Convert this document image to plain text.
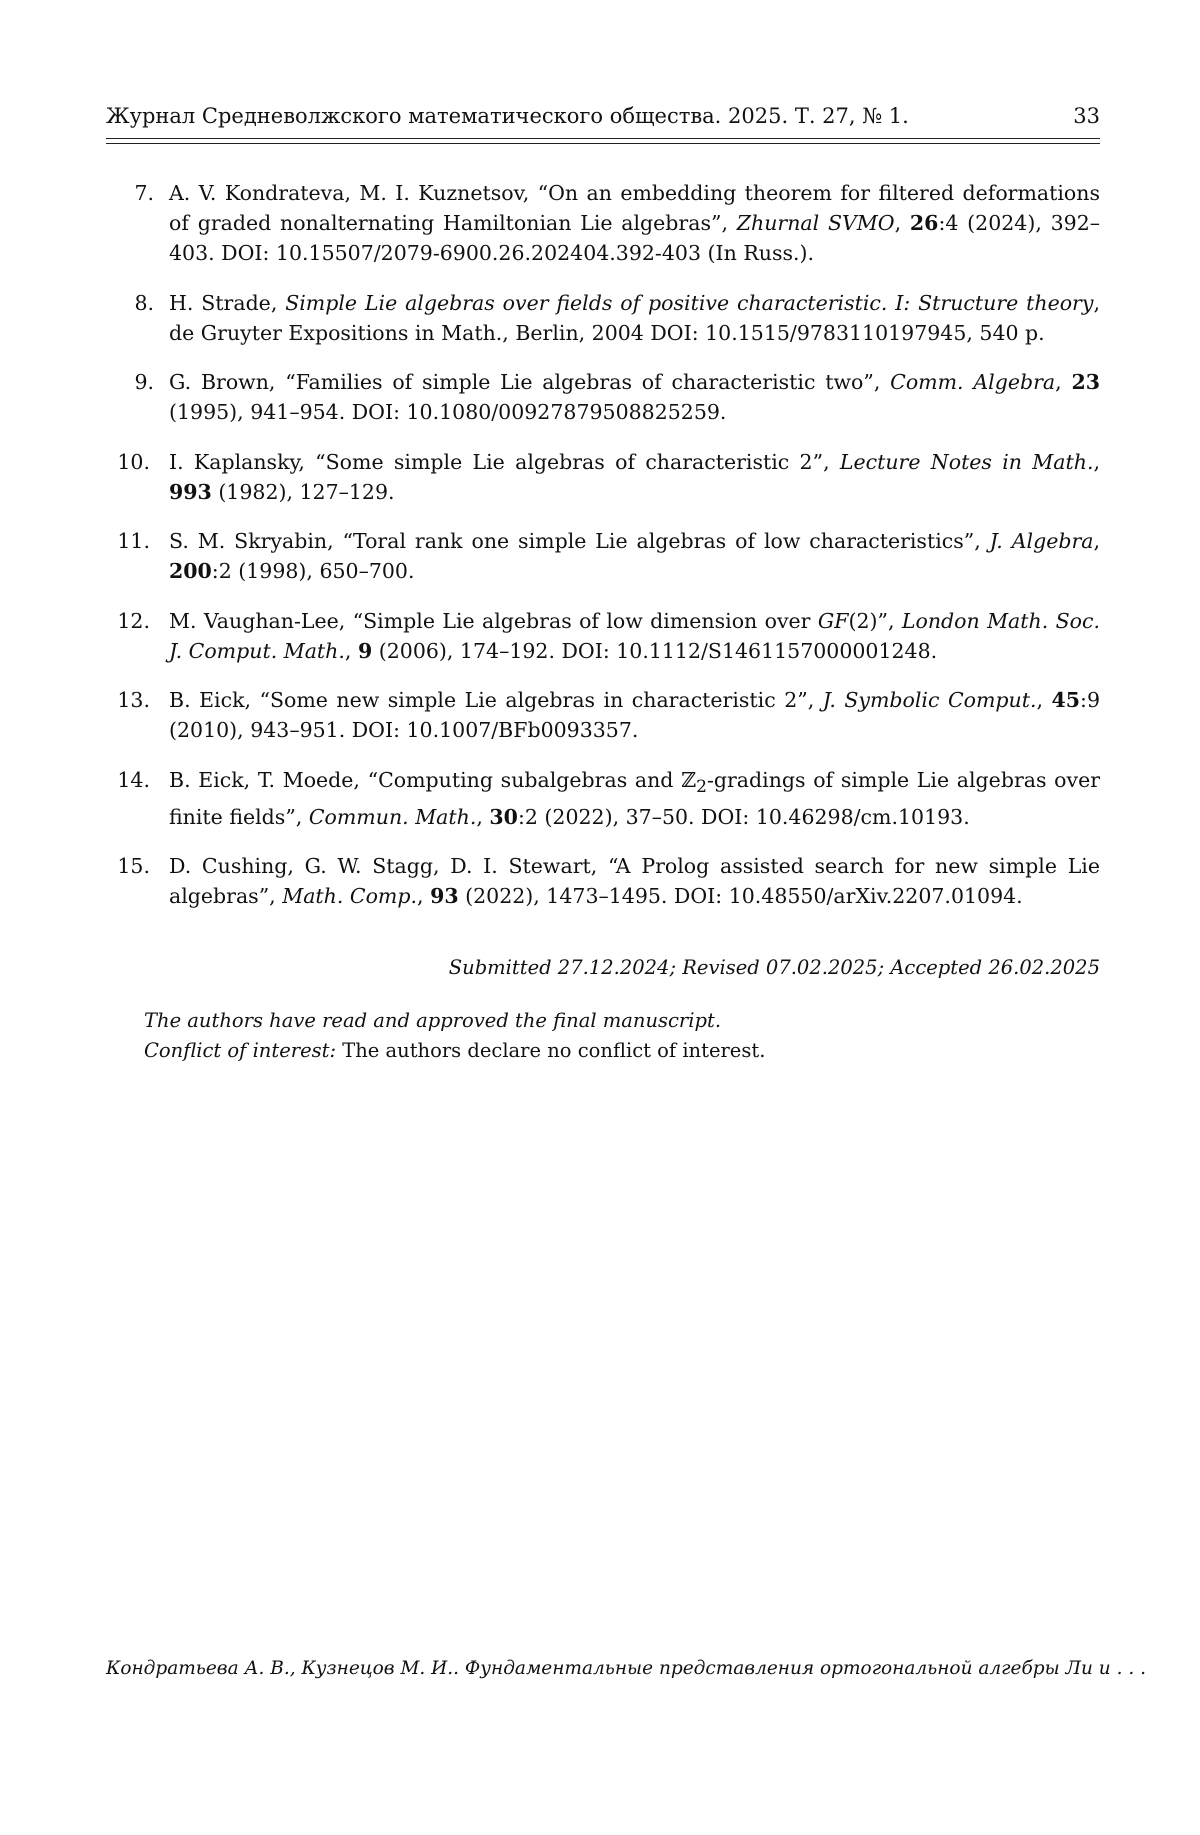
Журнал Средневолжского математического общества. 2025. Т. 27, № 1.	33
7. A. V. Kondrateva, M. I. Kuznetsov, “On an embedding theorem for filtered deformations of graded nonalternating Hamiltonian Lie algebras”, Zhurnal SVMO, 26:4 (2024), 392–403. DOI: 10.15507/2079-6900.26.202404.392-403 (In Russ.).
8. H. Strade, Simple Lie algebras over fields of positive characteristic. I: Structure theory, de Gruyter Expositions in Math., Berlin, 2004 DOI: 10.1515/9783110197945, 540 p.
9. G. Brown, “Families of simple Lie algebras of characteristic two”, Comm. Algebra, 23 (1995), 941–954. DOI: 10.1080/00927879508825259.
10. I. Kaplansky, “Some simple Lie algebras of characteristic 2”, Lecture Notes in Math., 993 (1982), 127–129.
11. S. M. Skryabin, “Toral rank one simple Lie algebras of low characteristics”, J. Algebra, 200:2 (1998), 650–700.
12. M. Vaughan-Lee, “Simple Lie algebras of low dimension over GF(2)”, London Math. Soc. J. Comput. Math., 9 (2006), 174–192. DOI: 10.1112/S1461157000001248.
13. B. Eick, “Some new simple Lie algebras in characteristic 2”, J. Symbolic Comput., 45:9 (2010), 943–951. DOI: 10.1007/BFb0093357.
14. B. Eick, T. Moede, “Computing subalgebras and ℤ$_2$-gradings of simple Lie algebras over finite fields”, Commun. Math., 30:2 (2022), 37–50. DOI: 10.46298/cm.10193.
15. D. Cushing, G. W. Stagg, D. I. Stewart, “A Prolog assisted search for new simple Lie algebras”, Math. Comp., 93 (2022), 1473–1495. DOI: 10.48550/arXiv.2207.01094.
Submitted 27.12.2024; Revised 07.02.2025; Accepted 26.02.2025
The authors have read and approved the final manuscript.
Conflict of interest: The authors declare no conflict of interest.
Кондратьева А. В., Кузнецов М. И.. Фундаментальные представления ортогональной алгебры Ли и . . .
